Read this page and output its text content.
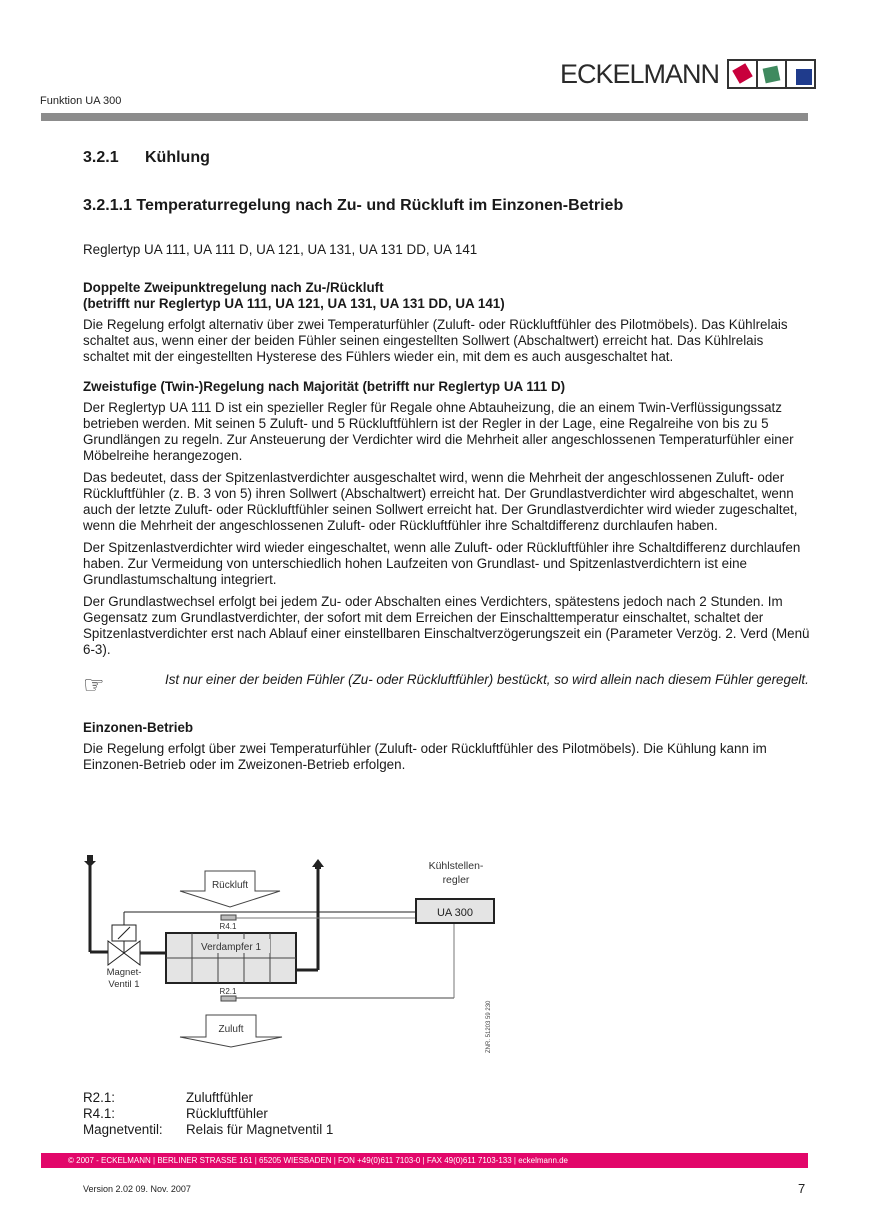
ECKELMANN
Funktion UA 300
3.2.1 Kühlung
3.2.1.1 Temperaturregelung nach Zu- und Rückluft im Einzonen-Betrieb
Reglertyp UA 111, UA 111 D, UA 121, UA 131, UA 131 DD, UA 141
Doppelte Zweipunktregelung nach Zu-/Rückluft
(betrifft nur Reglertyp UA 111, UA 121, UA 131, UA 131 DD, UA 141)

Die Regelung erfolgt alternativ über zwei Temperaturfühler (Zuluft- oder Rückluftfühler des Pilotmöbels). Das Kühlrelais schaltet aus, wenn einer der beiden Fühler seinen eingestellten Sollwert (Abschaltwert) erreicht hat. Das Kühlrelais schaltet mit der eingestellten Hysterese des Fühlers wieder ein, mit dem es auch ausgeschaltet hat.

Zweistufige (Twin-)Regelung nach Majorität (betrifft nur Reglertyp UA 111 D)

Der Reglertyp UA 111 D ist ein spezieller Regler für Regale ohne Abtauheizung, die an einem Twin-Verflüssigungssatz betrieben werden. Mit seinen 5 Zuluft- und 5 Rückluftfühlern ist der Regler in der Lage, eine Regalreihe von bis zu 5 Grundlängen zu regeln. Zur Ansteuerung der Verdichter wird die Mehrheit aller angeschlossenen Temperaturfühler einer Möbelreihe herangezogen.

Das bedeutet, dass der Spitzenlastverdichter ausgeschaltet wird, wenn die Mehrheit der angeschlossenen Zuluft- oder Rückluftfühler (z. B. 3 von 5) ihren Sollwert (Abschaltwert) erreicht hat. Der Grundlastverdichter wird abgeschaltet, wenn auch der letzte Zuluft- oder Rückluftfühler seinen Sollwert erreicht hat. Der Grundlastverdichter wird wieder zugeschaltet, wenn die Mehrheit der angeschlossenen Zuluft- oder Rückluftfühler ihre Schaltdifferenz durchlaufen haben.

Der Spitzenlastverdichter wird wieder eingeschaltet, wenn alle Zuluft- oder Rückluftfühler ihre Schaltdifferenz durchlaufen haben. Zur Vermeidung von unterschiedlich hohen Laufzeiten von Grundlast- und Spitzenlastverdichtern ist eine Grundlastumschaltung integriert.

Der Grundlastwechsel erfolgt bei jedem Zu- oder Abschalten eines Verdichters, spätestens jedoch nach 2 Stunden. Im Gegensatz zum Grundlastverdichter, der sofort mit dem Erreichen der Einschalttemperatur einschaltet, schaltet der Spitzenlastverdichter erst nach Ablauf einer einstellbaren Einschaltverzögerungszeit ein (Parameter Verzög. 2. Verd (Menü 6-3).

☞	Ist nur einer der beiden Fühler (Zu- oder Rückluftfühler) bestückt, so wird allein nach diesem Fühler geregelt.
Einzonen-Betrieb

Die Regelung erfolgt über zwei Temperaturfühler (Zuluft- oder Rückluftfühler des Pilotmöbels). Die Kühlung kann im Einzonen-Betrieb oder im Zweizonen-Betrieb erfolgen.

Verdampfer 1
Rückluft
R4.1
R2.1
Zuluft
Kühlstellen-
regler
UA 300
Magnet-
Ventil 1
ZNR. 51203 59 230
R2.1:	Zuluftfühler
R4.1:	Rückluftfühler
Magnetventil:	Relais für Magnetventil 1
© 2007 - ECKELMANN | BERLINER STRASSE 161 | 65205 WIESBADEN | FON +49(0)611 7103-0 | FAX 49(0)611 7103-133 | eckelmann.de
Version 2.02 09. Nov. 2007	7
